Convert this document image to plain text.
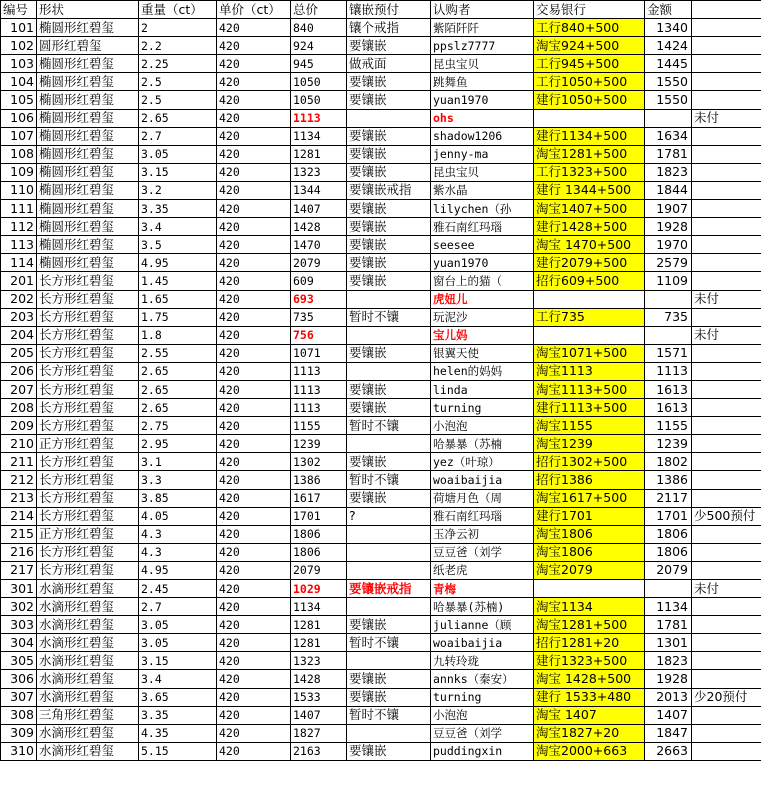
编号	形状	重量（ct）	单价（ct）	总价	镶嵌预付	认购者	交易银行	金额	
101	椭圆形红碧玺	2	420	840	镶个戒指	紫陌阡阡	工行840+500	1340	
102	圆形红碧玺	2.2	420	924	要镶嵌	ppslz7777	淘宝924+500	1424	
103	椭圆形红碧玺	2.25	420	945	做戒面	昆虫宝贝	工行945+500	1445	
104	椭圆形红碧玺	2.5	420	1050	要镶嵌	跳舞鱼	工行1050+500	1550	
105	椭圆形红碧玺	2.5	420	1050	要镶嵌	yuan1970	建行1050+500	1550	
106	椭圆形红碧玺	2.65	420	1113		ohs			未付
107	椭圆形红碧玺	2.7	420	1134	要镶嵌	shadow1206	建行1134+500	1634	
108	椭圆形红碧玺	3.05	420	1281	要镶嵌	jenny-ma	淘宝1281+500	1781	
109	椭圆形红碧玺	3.15	420	1323	要镶嵌	昆虫宝贝	工行1323+500	1823	
110	椭圆形红碧玺	3.2	420	1344	要镶嵌戒指	紫水晶	建行 1344+500	1844	
111	椭圆形红碧玺	3.35	420	1407	要镶嵌	lilychen（孙	淘宝1407+500	1907	
112	椭圆形红碧玺	3.4	420	1428	要镶嵌	雅石南红玛瑙	建行1428+500	1928	
113	椭圆形红碧玺	3.5	420	1470	要镶嵌	seesee	淘宝 1470+500	1970	
114	椭圆形红碧玺	4.95	420	2079	要镶嵌	yuan1970	建行2079+500	2579	
201	长方形红碧玺	1.45	420	609	要镶嵌	窗台上的猫（	招行609+500	1109	
202	长方形红碧玺	1.65	420	693		虎妞儿			未付
203	长方形红碧玺	1.75	420	735	暂时不镶	玩泥沙	工行735	735	
204	长方形红碧玺	1.8	420	756		宝儿妈			未付
205	长方形红碧玺	2.55	420	1071	要镶嵌	银翼天使	淘宝1071+500	1571	
206	长方形红碧玺	2.65	420	1113		helen的妈妈	淘宝1113	1113	
207	长方形红碧玺	2.65	420	1113	要镶嵌	linda	淘宝1113+500	1613	
208	长方形红碧玺	2.65	420	1113	要镶嵌	turning	建行1113+500	1613	
209	长方形红碧玺	2.75	420	1155	暂时不镶	小泡泡	淘宝1155	1155	
210	正方形红碧玺	2.95	420	1239		哈暴暴（苏楠	淘宝1239	1239	
211	长方形红碧玺	3.1	420	1302	要镶嵌	yez（叶琼）	招行1302+500	1802	
212	长方形红碧玺	3.3	420	1386	暂时不镶	woaibaijia	招行1386	1386	
213	长方形红碧玺	3.85	420	1617	要镶嵌	荷塘月色（周	淘宝1617+500	2117	
214	长方形红碧玺	4.05	420	1701	?	雅石南红玛瑙	建行1701	1701	少500预付
215	正方形红碧玺	4.3	420	1806		玉净云初	淘宝1806	1806	
216	长方形红碧玺	4.3	420	1806		豆豆爸（刘学	淘宝1806	1806	
217	长方形红碧玺	4.95	420	2079		纸老虎	淘宝2079	2079	
301	水滴形红碧玺	2.45	420	1029	要镶嵌戒指	青梅			未付
302	水滴形红碧玺	2.7	420	1134		哈暴暴(苏楠)	淘宝1134	1134	
303	水滴形红碧玺	3.05	420	1281	要镶嵌	julianne（顾	淘宝1281+500	1781	
304	水滴形红碧玺	3.05	420	1281	暂时不镶	woaibaijia	招行1281+20	1301	
305	水滴形红碧玺	3.15	420	1323		九转玲珑	建行1323+500	1823	
306	水滴形红碧玺	3.4	420	1428	要镶嵌	annks（秦安）	淘宝 1428+500	1928	
307	水滴形红碧玺	3.65	420	1533	要镶嵌	turning	建行 1533+480	2013	少20预付
308	三角形红碧玺	3.35	420	1407	暂时不镶	小泡泡	淘宝 1407	1407	
309	水滴形红碧玺	4.35	420	1827		豆豆爸（刘学	淘宝1827+20	1847	
310	水滴形红碧玺	5.15	420	2163	要镶嵌	puddingxin	淘宝2000+663	2663	
